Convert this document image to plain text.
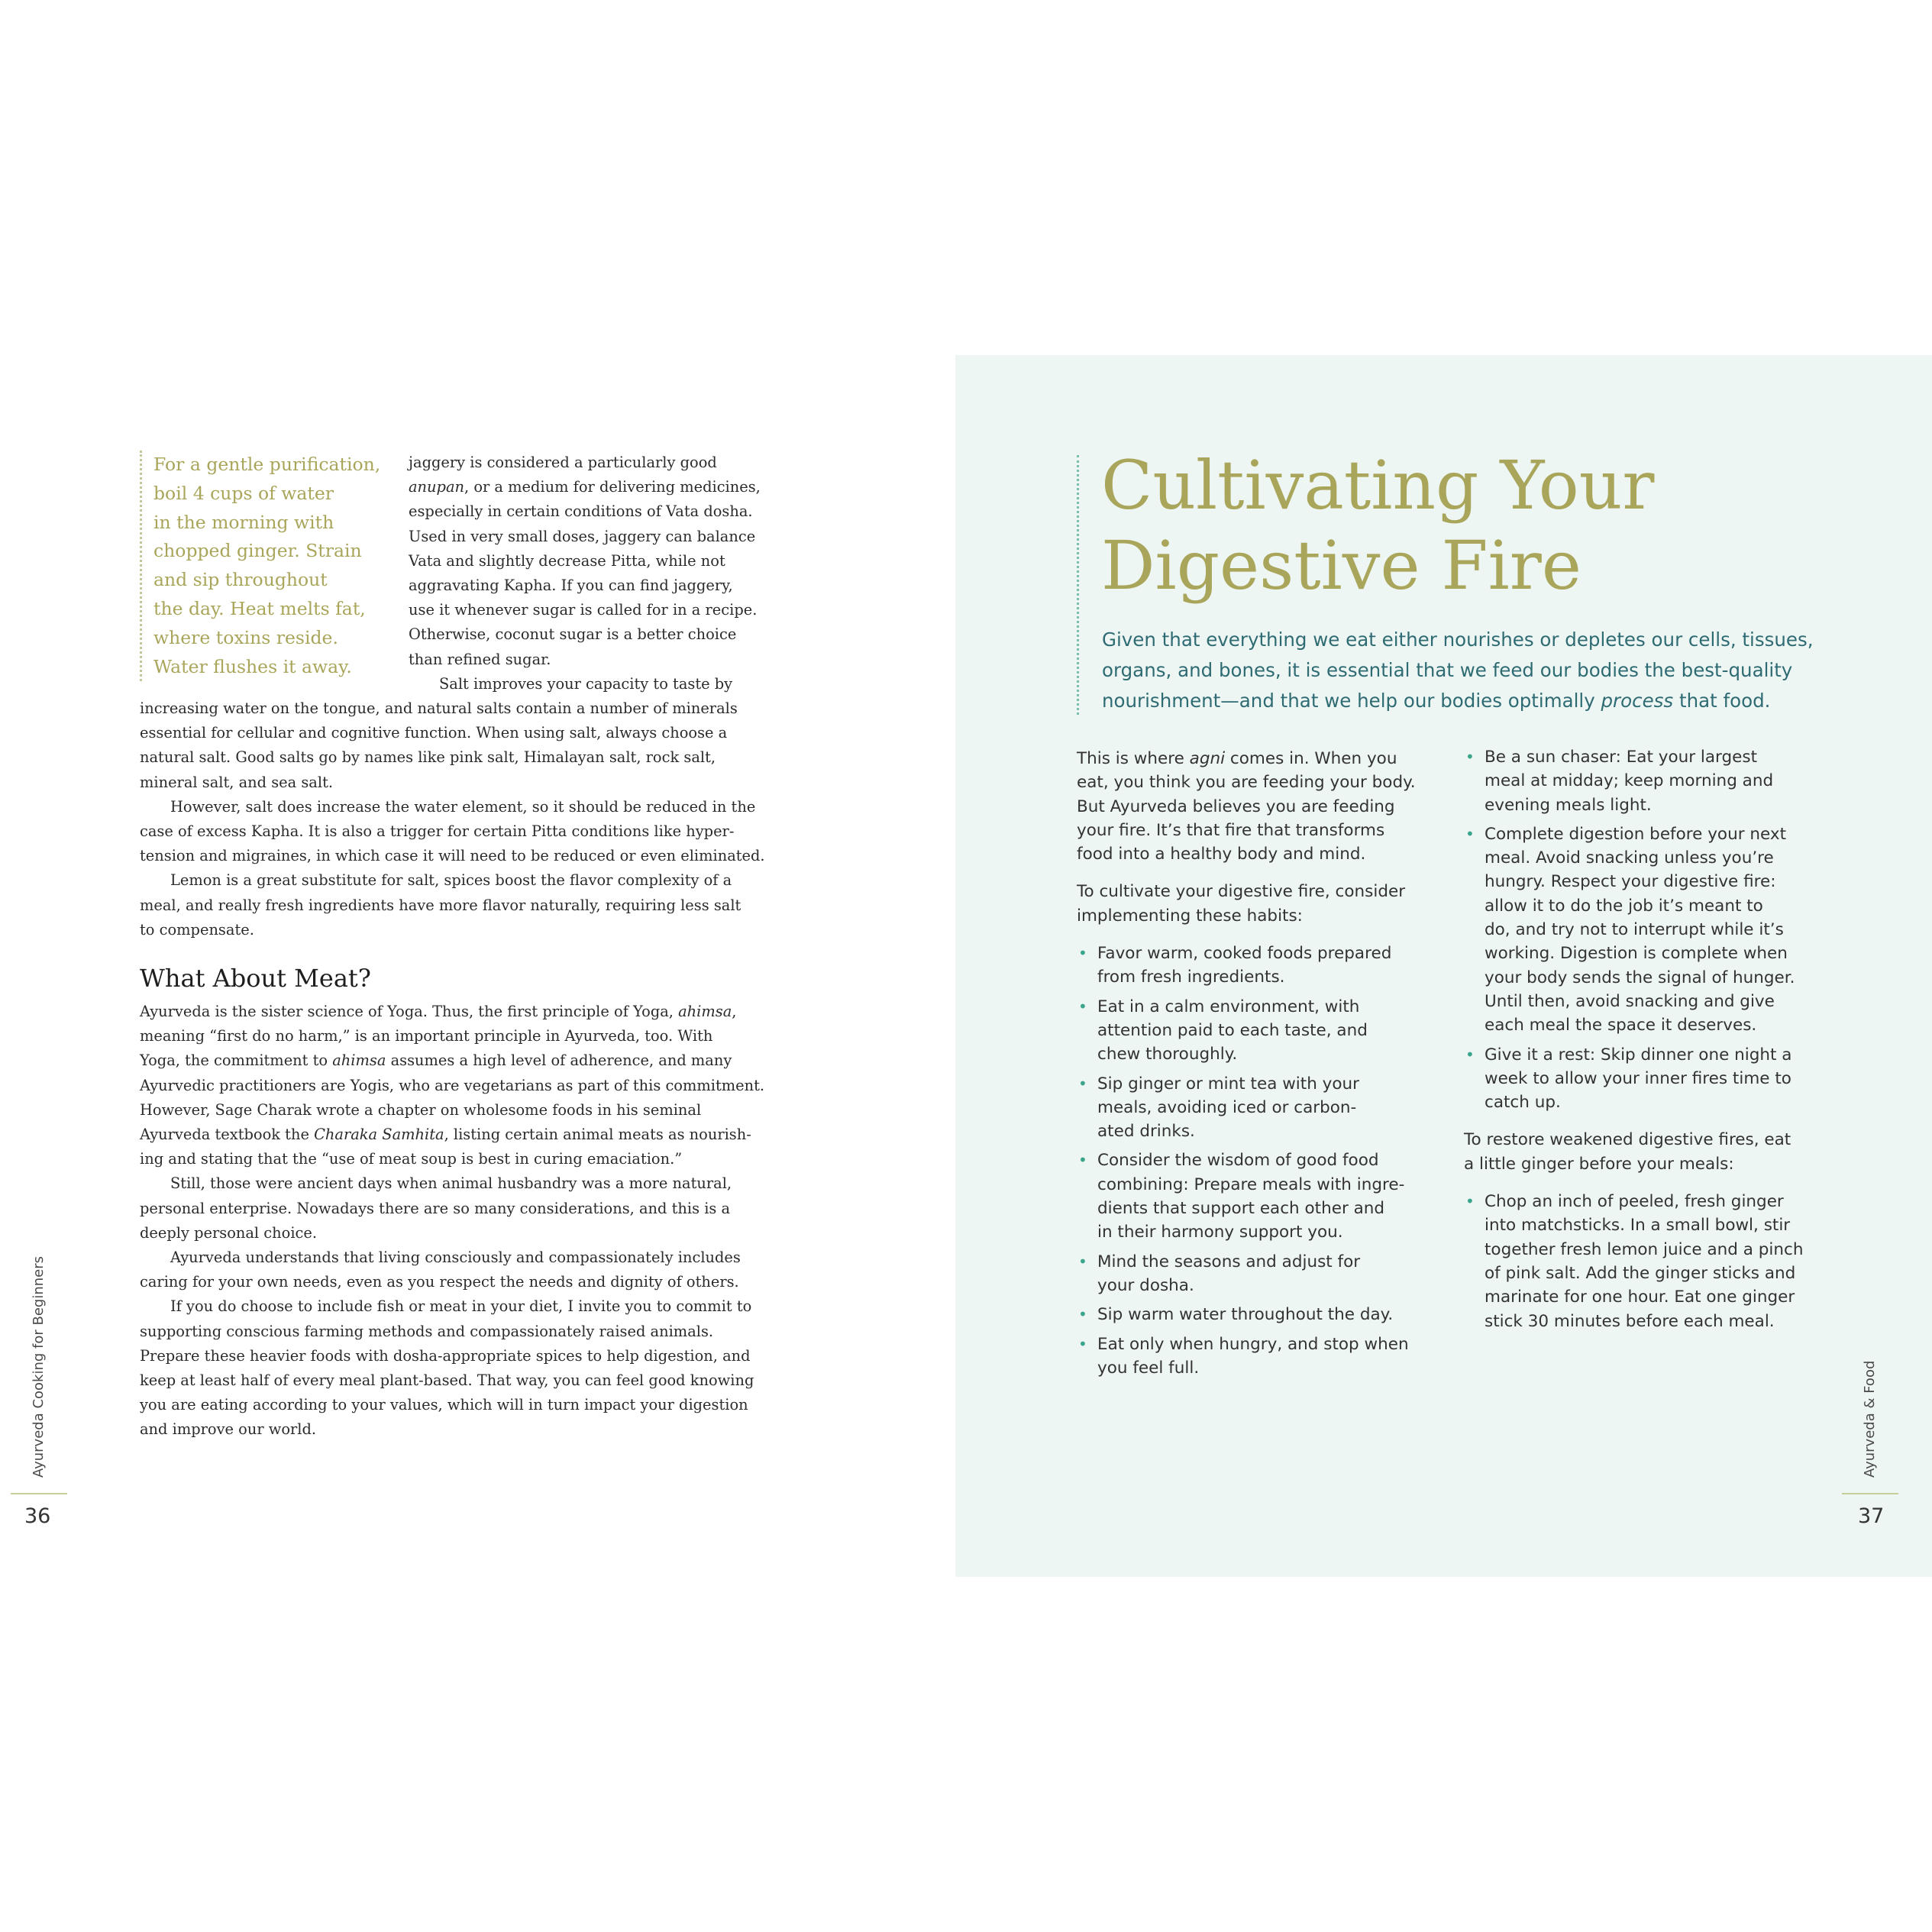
For a gentle purification,
boil 4 cups of water
in the morning with
chopped ginger. Strain
and sip throughout
the day. Heat melts fat,
where toxins reside.
Water flushes it away.
jaggery is considered a particularly good
anupan, or a medium for delivering medicines,
especially in certain conditions of Vata dosha.
Used in very small doses, jaggery can balance
Vata and slightly decrease Pitta, while not
aggravating Kapha. If you can find jaggery,
use it whenever sugar is called for in a recipe.
Otherwise, coconut sugar is a better choice
than refined sugar.
Salt improves your capacity to taste by
increasing water on the tongue, and natural salts contain a number of minerals
essential for cellular and cognitive function. When using salt, always choose a
natural salt. Good salts go by names like pink salt, Himalayan salt, rock salt,
mineral salt, and sea salt.
However, salt does increase the water element, so it should be reduced in the
case of excess Kapha. It is also a trigger for certain Pitta conditions like hyper-
tension and migraines, in which case it will need to be reduced or even eliminated.
Lemon is a great substitute for salt, spices boost the flavor complexity of a
meal, and really fresh ingredients have more flavor naturally, requiring less salt
to compensate.
What About Meat?
Ayurveda is the sister science of Yoga. Thus, the first principle of Yoga, ahimsa,
meaning “first do no harm,” is an important principle in Ayurveda, too. With
Yoga, the commitment to ahimsa assumes a high level of adherence, and many
Ayurvedic practitioners are Yogis, who are vegetarians as part of this commitment.
However, Sage Charak wrote a chapter on wholesome foods in his seminal
Ayurveda textbook the Charaka Samhita, listing certain animal meats as nourish-
ing and stating that the “use of meat soup is best in curing emaciation.”
Still, those were ancient days when animal husbandry was a more natural,
personal enterprise. Nowadays there are so many considerations, and this is a
deeply personal choice.
Ayurveda understands that living consciously and compassionately includes
caring for your own needs, even as you respect the needs and dignity of others.
If you do choose to include fish or meat in your diet, I invite you to commit to
supporting conscious farming methods and compassionately raised animals.
Prepare these heavier foods with dosha-appropriate spices to help digestion, and
keep at least half of every meal plant-based. That way, you can feel good knowing
you are eating according to your values, which will in turn impact your digestion
and improve our world.
Ayurveda Cooking for Beginners
36
Cultivating Your
Digestive Fire
Given that everything we eat either nourishes or depletes our cells, tissues,
organs, and bones, it is essential that we feed our bodies the best-quality
nourishment—and that we help our bodies optimally process that food.
This is where agni comes in. When you
eat, you think you are feeding your body.
But Ayurveda believes you are feeding
your fire. It’s that fire that transforms
food into a healthy body and mind.
To cultivate your digestive fire, consider
implementing these habits:
• Favor warm, cooked foods prepared
from fresh ingredients.
• Eat in a calm environment, with
attention paid to each taste, and
chew thoroughly.
• Sip ginger or mint tea with your
meals, avoiding iced or carbon-
ated drinks.
• Consider the wisdom of good food
combining: Prepare meals with ingre-
dients that support each other and
in their harmony support you.
• Mind the seasons and adjust for
your dosha.
• Sip warm water throughout the day.
• Eat only when hungry, and stop when
you feel full.
• Be a sun chaser: Eat your largest
meal at midday; keep morning and
evening meals light.
• Complete digestion before your next
meal. Avoid snacking unless you’re
hungry. Respect your digestive fire:
allow it to do the job it’s meant to
do, and try not to interrupt while it’s
working. Digestion is complete when
your body sends the signal of hunger.
Until then, avoid snacking and give
each meal the space it deserves.
• Give it a rest: Skip dinner one night a
week to allow your inner fires time to
catch up.
To restore weakened digestive fires, eat
a little ginger before your meals:
• Chop an inch of peeled, fresh ginger
into matchsticks. In a small bowl, stir
together fresh lemon juice and a pinch
of pink salt. Add the ginger sticks and
marinate for one hour. Eat one ginger
stick 30 minutes before each meal.
Ayurveda & Food
37
